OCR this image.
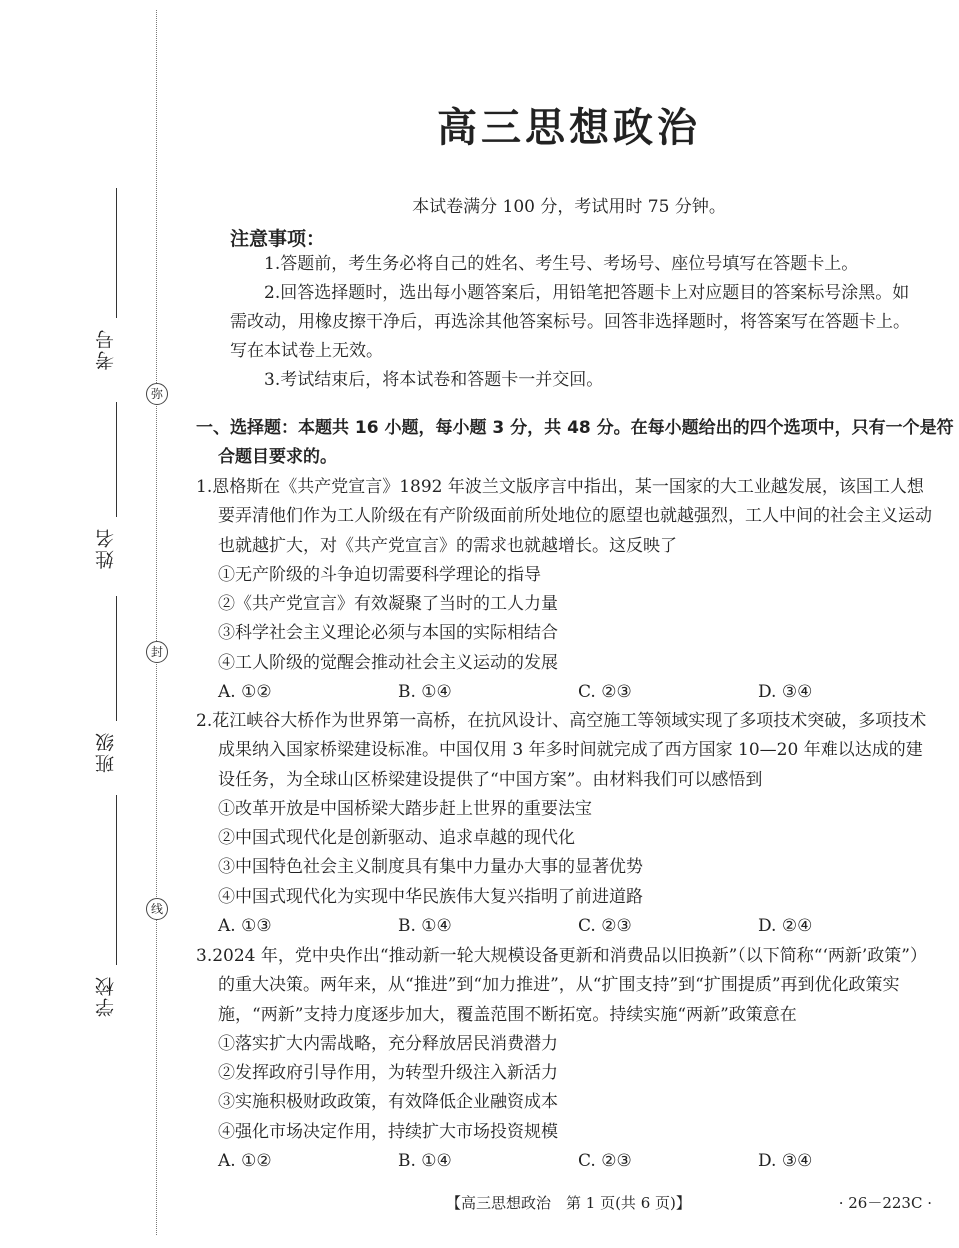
弥
封
线
考号
姓名
班级
学校
高三思想政治
本试卷满分 100 分，考试用时 75 分钟。
注意事项：

1.答题前，考生务必将自己的姓名、考生号、考场号、座位号填写在答题卡上。

2.回答选择题时，选出每小题答案后，用铅笔把答题卡上对应题目的答案标号涂黑。如需改动，用橡皮擦干净后，再选涂其他答案标号。回答非选择题时，将答案写在答题卡上。写在本试卷上无效。

3.考试结束后，将本试卷和答题卡一并交回。

一、选择题：本题共 16 小题，每小题 3 分，共 48 分。在每小题给出的四个选项中，只有一个是符合题目要求的。
1.恩格斯在《共产党宣言》1892 年波兰文版序言中指出，某一国家的大工业越发展，该国工人想要弄清他们作为工人阶级在有产阶级面前所处地位的愿望也就越强烈，工人中间的社会主义运动也就越扩大，对《共产党宣言》的需求也就越增长。这反映了
①无产阶级的斗争迫切需要科学理论的指导
②《共产党宣言》有效凝聚了当时的工人力量
③科学社会主义理论必须与本国的实际相结合
④工人阶级的觉醒会推动社会主义运动的发展
A. ①②	B. ①④	C. ②③	D. ③④
2.花江峡谷大桥作为世界第一高桥，在抗风设计、高空施工等领域实现了多项技术突破，多项技术成果纳入国家桥梁建设标准。中国仅用 3 年多时间就完成了西方国家 10—20 年难以达成的建设任务，为全球山区桥梁建设提供了“中国方案”。由材料我们可以感悟到
①改革开放是中国桥梁大踏步赶上世界的重要法宝
②中国式现代化是创新驱动、追求卓越的现代化
③中国特色社会主义制度具有集中力量办大事的显著优势
④中国式现代化为实现中华民族伟大复兴指明了前进道路
A. ①③	B. ①④	C. ②③	D. ②④
3.2024 年，党中央作出“推动新一轮大规模设备更新和消费品以旧换新”（以下简称“‘两新’政策”）的重大决策。两年来，从“推进”到“加力推进”，从“扩围支持”到“扩围提质”再到优化政策实施，“两新”支持力度逐步加大，覆盖范围不断拓宽。持续实施“两新”政策意在
①落实扩大内需战略，充分释放居民消费潜力
②发挥政府引导作用，为转型升级注入新活力
③实施积极财政政策，有效降低企业融资成本
④强化市场决定作用，持续扩大市场投资规模
A. ①②	B. ①④	C. ②③	D. ③④
【高三思想政治　第 1 页(共 6 页)】	· 26－223C ·
